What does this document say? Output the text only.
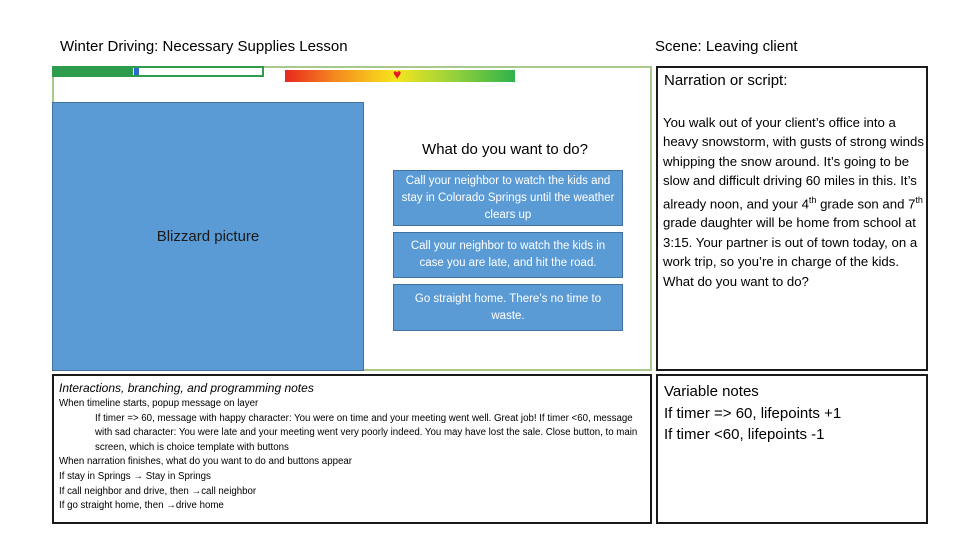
Winter Driving: Necessary Supplies Lesson	Scene: Leaving client
♥
Blizzard picture
What do you want to do?
Call your neighbor to watch the kids and stay in Colorado Springs until the weather clears up
Call your neighbor to watch the kids in case you are late, and hit the road.
Go straight home. There’s no time to waste.
Narration or script:
You walk out of your client’s office into a heavy snowstorm, with gusts of strong winds whipping the snow around. It’s going to be slow and difficult driving 60 miles in this. It’s already noon, and your 4th grade son and 7th grade daughter will be home from school at 3:15. Your partner is out of town today, on a work trip, so you’re in charge of the kids. What do you want to do?
Interactions, branching, and programming notes
When timeline starts, popup message on layer
If timer => 60, message with happy character: You were on time and your meeting went well. Great job! If timer <60, message with sad character: You were late and your meeting went very poorly indeed. You may have lost the sale. Close button, to main screen, which is choice template with buttons
When narration finishes, what do you want to do and buttons appear
If stay in Springs → Stay in Springs
If call neighbor and drive, then →call neighbor
If go straight home, then →drive home
Variable notes
If timer => 60, lifepoints +1
If timer <60, lifepoints -1
